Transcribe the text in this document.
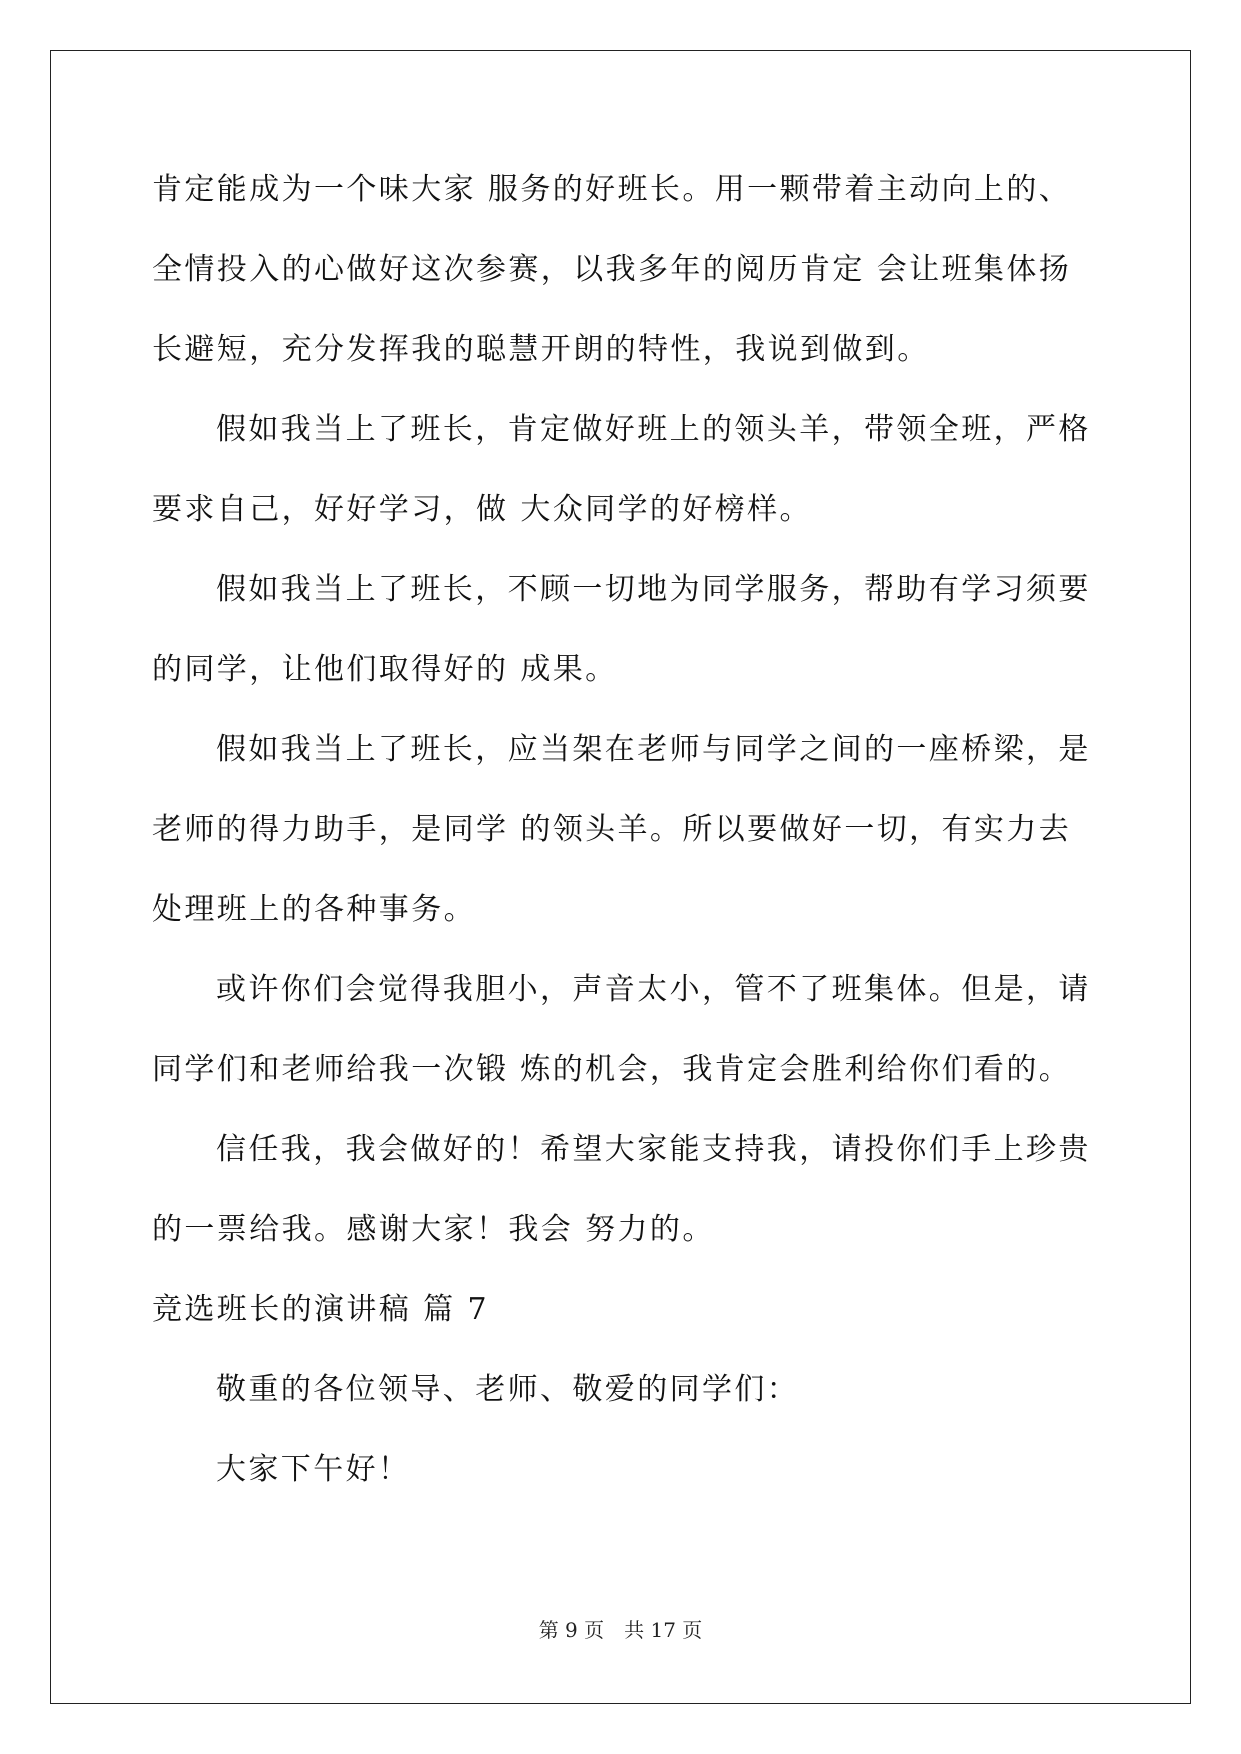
肯定能成为一个味大家 服务的好班长。用一颗带着主动向上的、全情投入的心做好这次参赛，以我多年的阅历肯定 会让班集体扬长避短，充分发挥我的聪慧开朗的特性，我说到做到。

假如我当上了班长，肯定做好班上的领头羊，带领全班，严格要求自己，好好学习，做 大众同学的好榜样。

假如我当上了班长，不顾一切地为同学服务，帮助有学习须要的同学，让他们取得好的 成果。

假如我当上了班长，应当架在老师与同学之间的一座桥梁，是老师的得力助手，是同学 的领头羊。所以要做好一切，有实力去处理班上的各种事务。

或许你们会觉得我胆小，声音太小，管不了班集体。但是，请同学们和老师给我一次锻 炼的机会，我肯定会胜利给你们看的。

信任我，我会做好的！希望大家能支持我，请投你们手上珍贵的一票给我。感谢大家！我会 努力的。

竞选班长的演讲稿 篇 7

敬重的各位领导、老师、敬爱的同学们：

大家下午好！

第 9 页　共 17 页
